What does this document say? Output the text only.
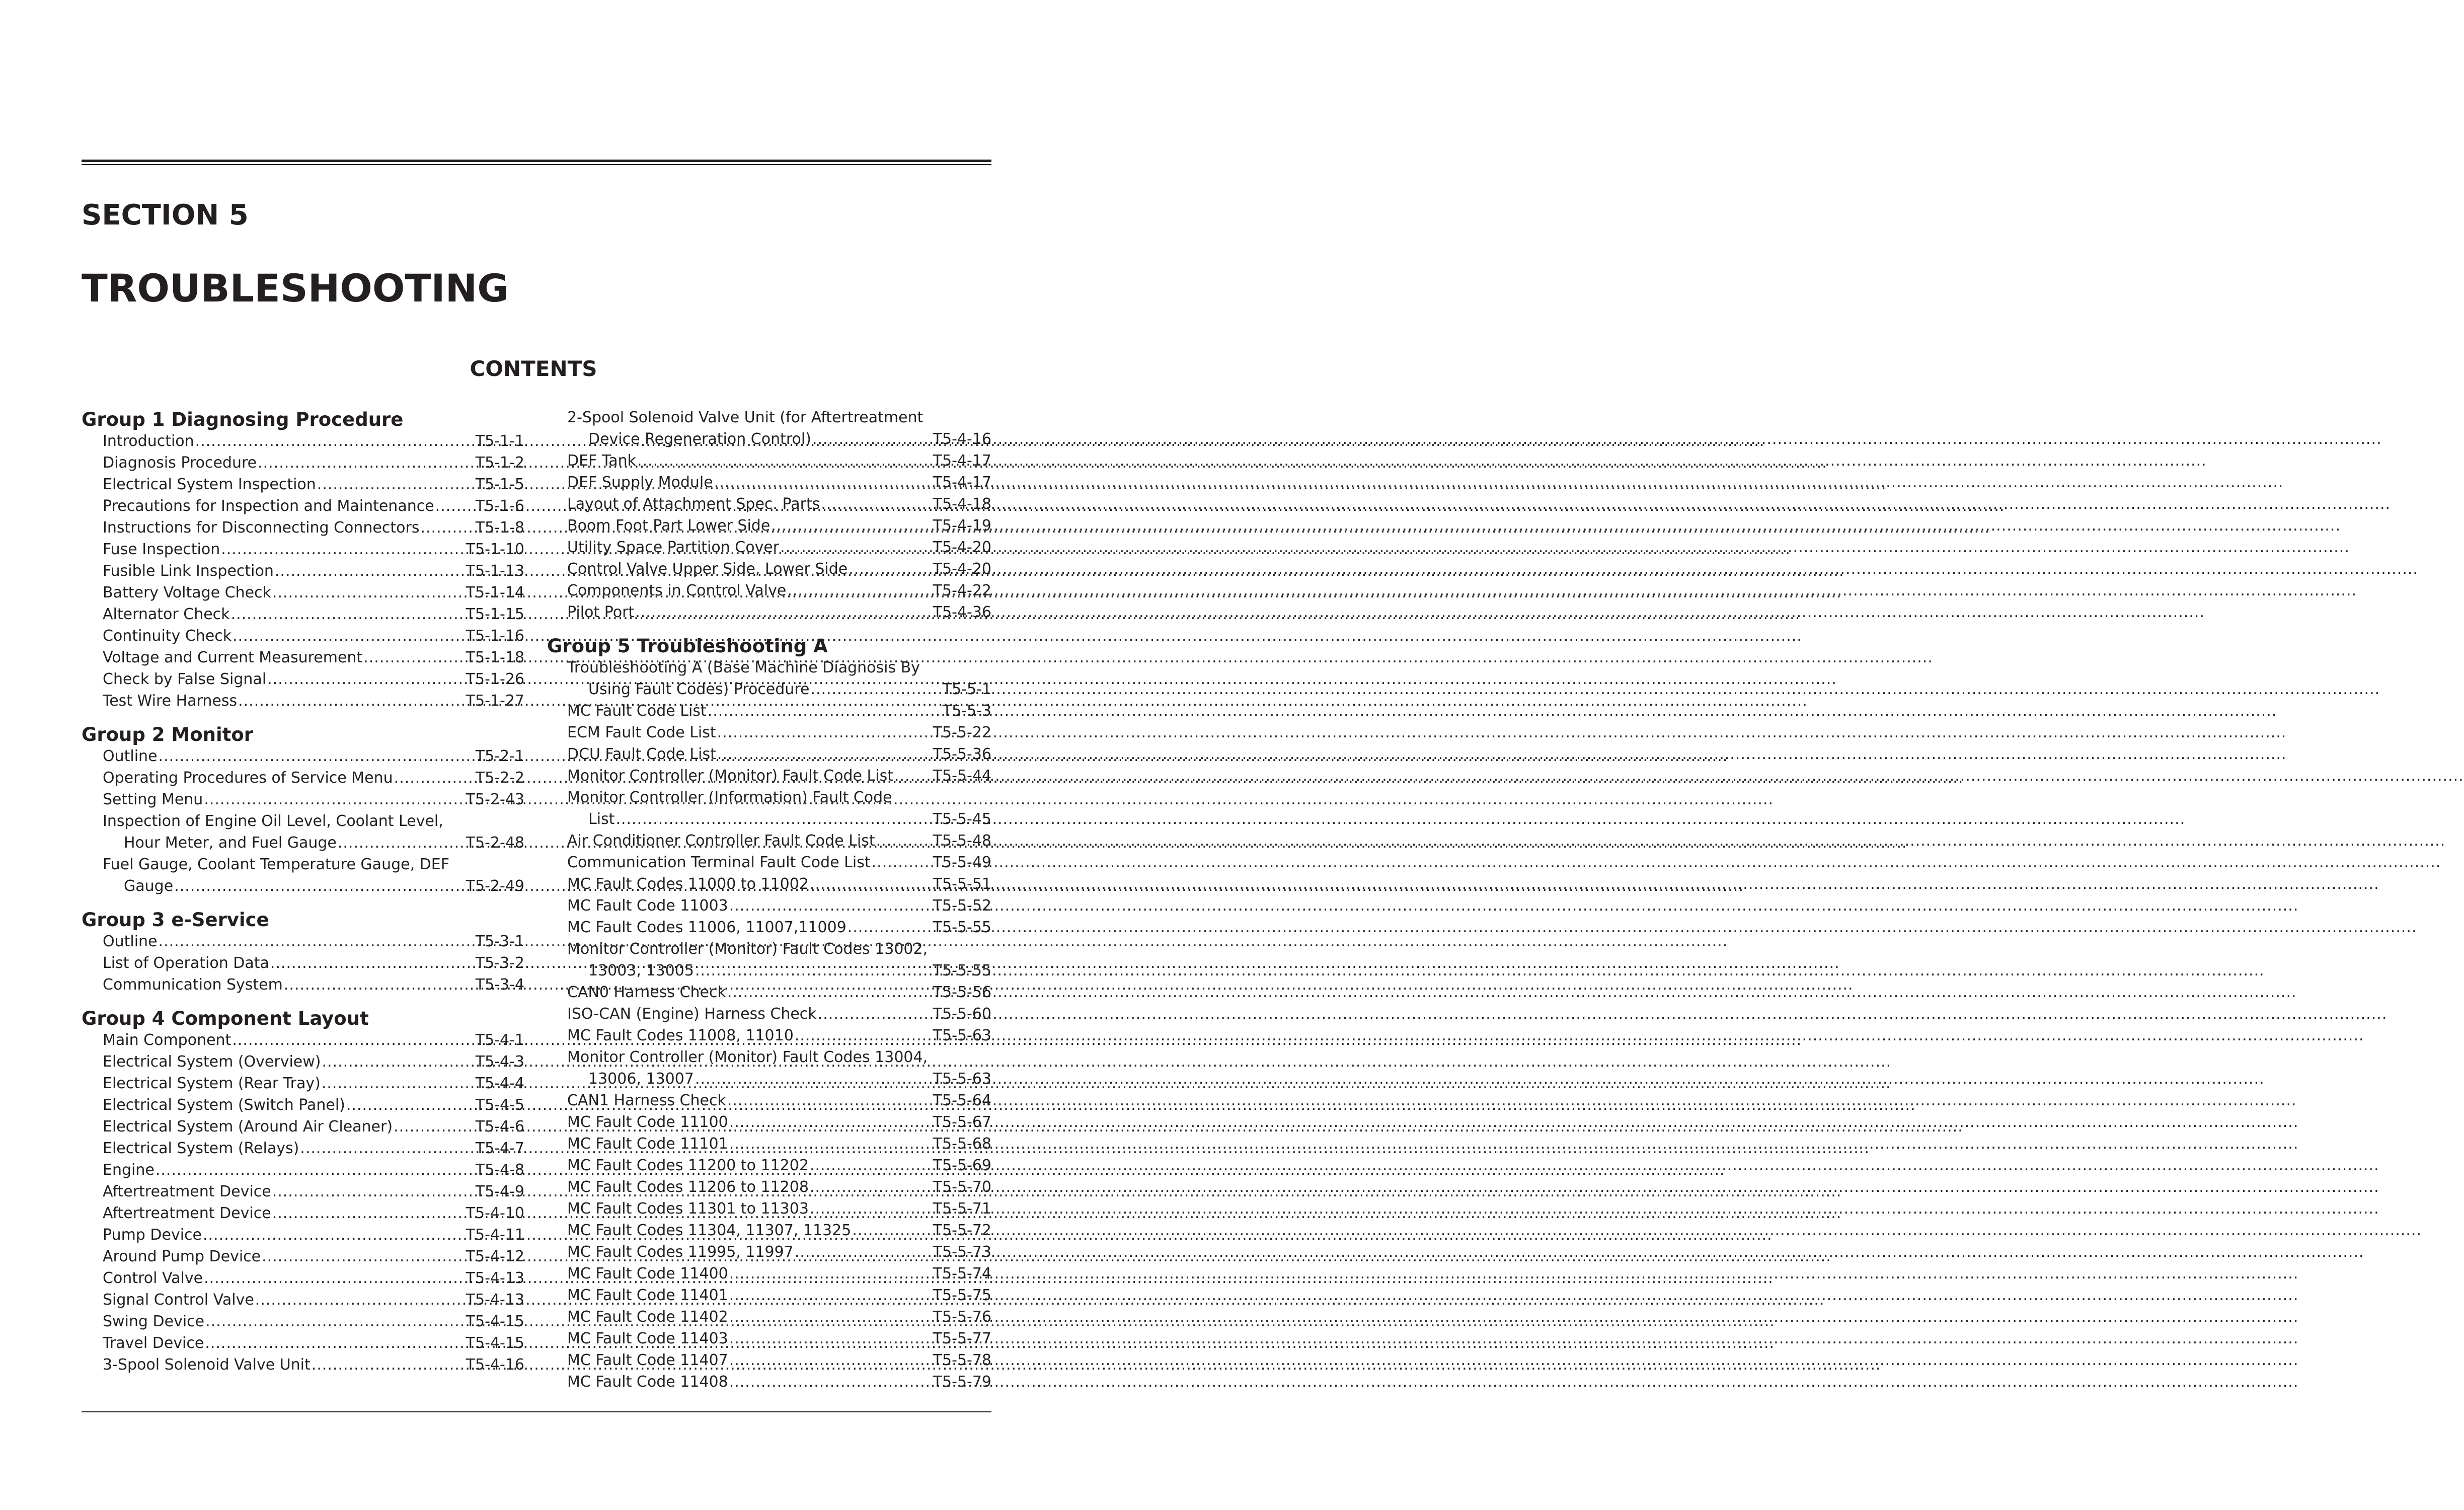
SECTION 5
TROUBLESHOOTING
CONTENTS
Group 1 Diagnosing Procedure
Introduction .....	T5-1-1
Diagnosis Procedure .....	T5-1-2
Electrical System Inspection .....	T5-1-5
Precautions for Inspection and Maintenance .....	T5-1-6
Instructions for Disconnecting Connectors .....	T5-1-8
Fuse Inspection .....	T5-1-10
Fusible Link Inspection .....	T5-1-13
Battery Voltage Check .....	T5-1-14
Alternator Check .....	T5-1-15
Continuity Check .....	T5-1-16
Voltage and Current Measurement .....	T5-1-18
Check by False Signal .....	T5-1-26
Test Wire Harness .....	T5-1-27
Group 2 Monitor
Outline .....	T5-2-1
Operating Procedures of Service Menu .....	T5-2-2
Setting Menu .....	T5-2-43
Inspection of Engine Oil Level, Coolant Level,
Hour Meter, and Fuel Gauge .....	T5-2-48
Fuel Gauge, Coolant Temperature Gauge, DEF
Gauge .....	T5-2-49
Group 3 e-Service
Outline .....	T5-3-1
List of Operation Data .....	T5-3-2
Communication System .....	T5-3-4
Group 4 Component Layout
Main Component .....	T5-4-1
Electrical System (Overview) .....	T5-4-3
Electrical System (Rear Tray) .....	T5-4-4
Electrical System (Switch Panel) .....	T5-4-5
Electrical System (Around Air Cleaner) .....	T5-4-6
Electrical System (Relays) .....	T5-4-7
Engine .....	T5-4-8
Aftertreatment Device .....	T5-4-9
Aftertreatment Device .....	T5-4-10
Pump Device .....	T5-4-11
Around Pump Device .....	T5-4-12
Control Valve .....	T5-4-13
Signal Control Valve .....	T5-4-13
Swing Device .....	T5-4-15
Travel Device .....	T5-4-15
3-Spool Solenoid Valve Unit .....	T5-4-16
2-Spool Solenoid Valve Unit (for Aftertreatment
Device Regeneration Control) .....	T5-4-16
DEF Tank .....	T5-4-17
DEF Supply Module .....	T5-4-17
Layout of Attachment Spec. Parts .....	T5-4-18
Boom Foot Part Lower Side .....	T5-4-19
Utility Space Partition Cover .....	T5-4-20
Control Valve Upper Side, Lower Side .....	T5-4-20
Components in Control Valve .....	T5-4-22
Pilot Port .....	T5-4-36
Group 5 Troubleshooting A
Troubleshooting A (Base Machine Diagnosis By
Using Fault Codes) Procedure .....	T5-5-1
MC Fault Code List .....	T5-5-3
ECM Fault Code List .....	T5-5-22
DCU Fault Code List .....	T5-5-36
Monitor Controller (Monitor) Fault Code List .....	T5-5-44
Monitor Controller (Information) Fault Code
List .....	T5-5-45
Air Conditioner Controller Fault Code List .....	T5-5-48
Communication Terminal Fault Code List .....	T5-5-49
MC Fault Codes 11000 to 11002 .....	T5-5-51
MC Fault Code 11003 .....	T5-5-52
MC Fault Codes 11006, 11007,11009 .....	T5-5-55
Monitor Controller (Monitor) Fault Codes 13002,
13003, 13005 .....	T5-5-55
CAN0 Harness Check .....	T5-5-56
ISO-CAN (Engine) Harness Check .....	T5-5-60
MC Fault Codes 11008, 11010 .....	T5-5-63
Monitor Controller (Monitor) Fault Codes 13004,
13006, 13007 .....	T5-5-63
CAN1 Harness Check .....	T5-5-64
MC Fault Code 11100 .....	T5-5-67
MC Fault Code 11101 .....	T5-5-68
MC Fault Codes 11200 to 11202 .....	T5-5-69
MC Fault Codes 11206 to 11208 .....	T5-5-70
MC Fault Codes 11301 to 11303 .....	T5-5-71
MC Fault Codes 11304, 11307, 11325 .....	T5-5-72
MC Fault Codes 11995, 11997 .....	T5-5-73
MC Fault Code 11400 .....	T5-5-74
MC Fault Code 11401 .....	T5-5-75
MC Fault Code 11402 .....	T5-5-76
MC Fault Code 11403 .....	T5-5-77
MC Fault Code 11407 .....	T5-5-78
MC Fault Code 11408 .....	T5-5-79
